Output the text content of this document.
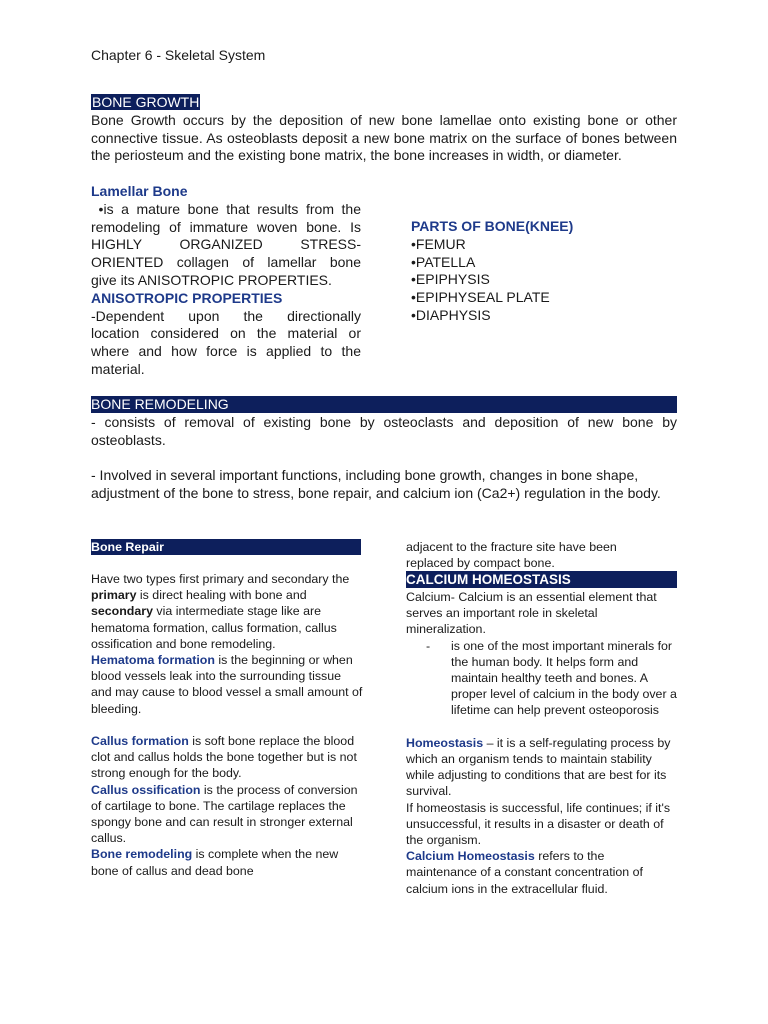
Chapter 6 - Skeletal System
BONE GROWTH
Bone Growth occurs by the deposition of new bone lamellae onto existing bone or other connective tissue. As osteoblasts deposit a new bone matrix on the surface of bones between the periosteum and the existing bone matrix, the bone increases in width, or diameter.
Lamellar Bone
•is a mature bone that results from the
remodeling of immature woven bone. Is
HIGHLY ORGANIZED STRESS-
ORIENTED collagen of lamellar bone
give its ANISOTROPIC PROPERTIES.
ANISOTROPIC PROPERTIES
-Dependent upon the directionally
location considered on the material or
where and how force is applied to the
material.
PARTS OF BONE(KNEE)
•FEMUR
•PATELLA
•EPIPHYSIS
•EPIPHYSEAL PLATE
•DIAPHYSIS
BONE REMODELING
- consists of removal of existing bone by osteoclasts and deposition of new bone by osteoblasts.
- Involved in several important functions, including bone growth, changes in bone shape,
adjustment of the bone to stress, bone repair, and calcium ion (Ca2+) regulation in the body.
Bone Repair
Have two types first primary and secondary the primary is direct healing with bone and secondary via intermediate stage like are hematoma formation, callus formation, callus ossification and bone remodeling.
Hematoma formation is the beginning or when blood vessels leak into the surrounding tissue and may cause to blood vessel a small amount of bleeding.
Callus formation is soft bone replace the blood clot and callus holds the bone together but is not strong enough for the body.
Callus ossification is the process of conversion of cartilage to bone. The cartilage replaces the spongy bone and can result in stronger external callus.
Bone remodeling is complete when the new bone of callus and dead bone
adjacent to the fracture site have been replaced by compact bone.
CALCIUM HOMEOSTASIS
Calcium- Calcium is an essential element that serves an important role in skeletal mineralization.
- is one of the most important minerals for the human body. It helps form and maintain healthy teeth and bones. A proper level of calcium in the body over a lifetime can help prevent osteoporosis
Homeostasis – it is a self-regulating process by which an organism tends to maintain stability while adjusting to conditions that are best for its survival.
If homeostasis is successful, life continues; if it's unsuccessful, it results in a disaster or death of the organism.
Calcium Homeostasis refers to the maintenance of a constant concentration of calcium ions in the extracellular fluid.
